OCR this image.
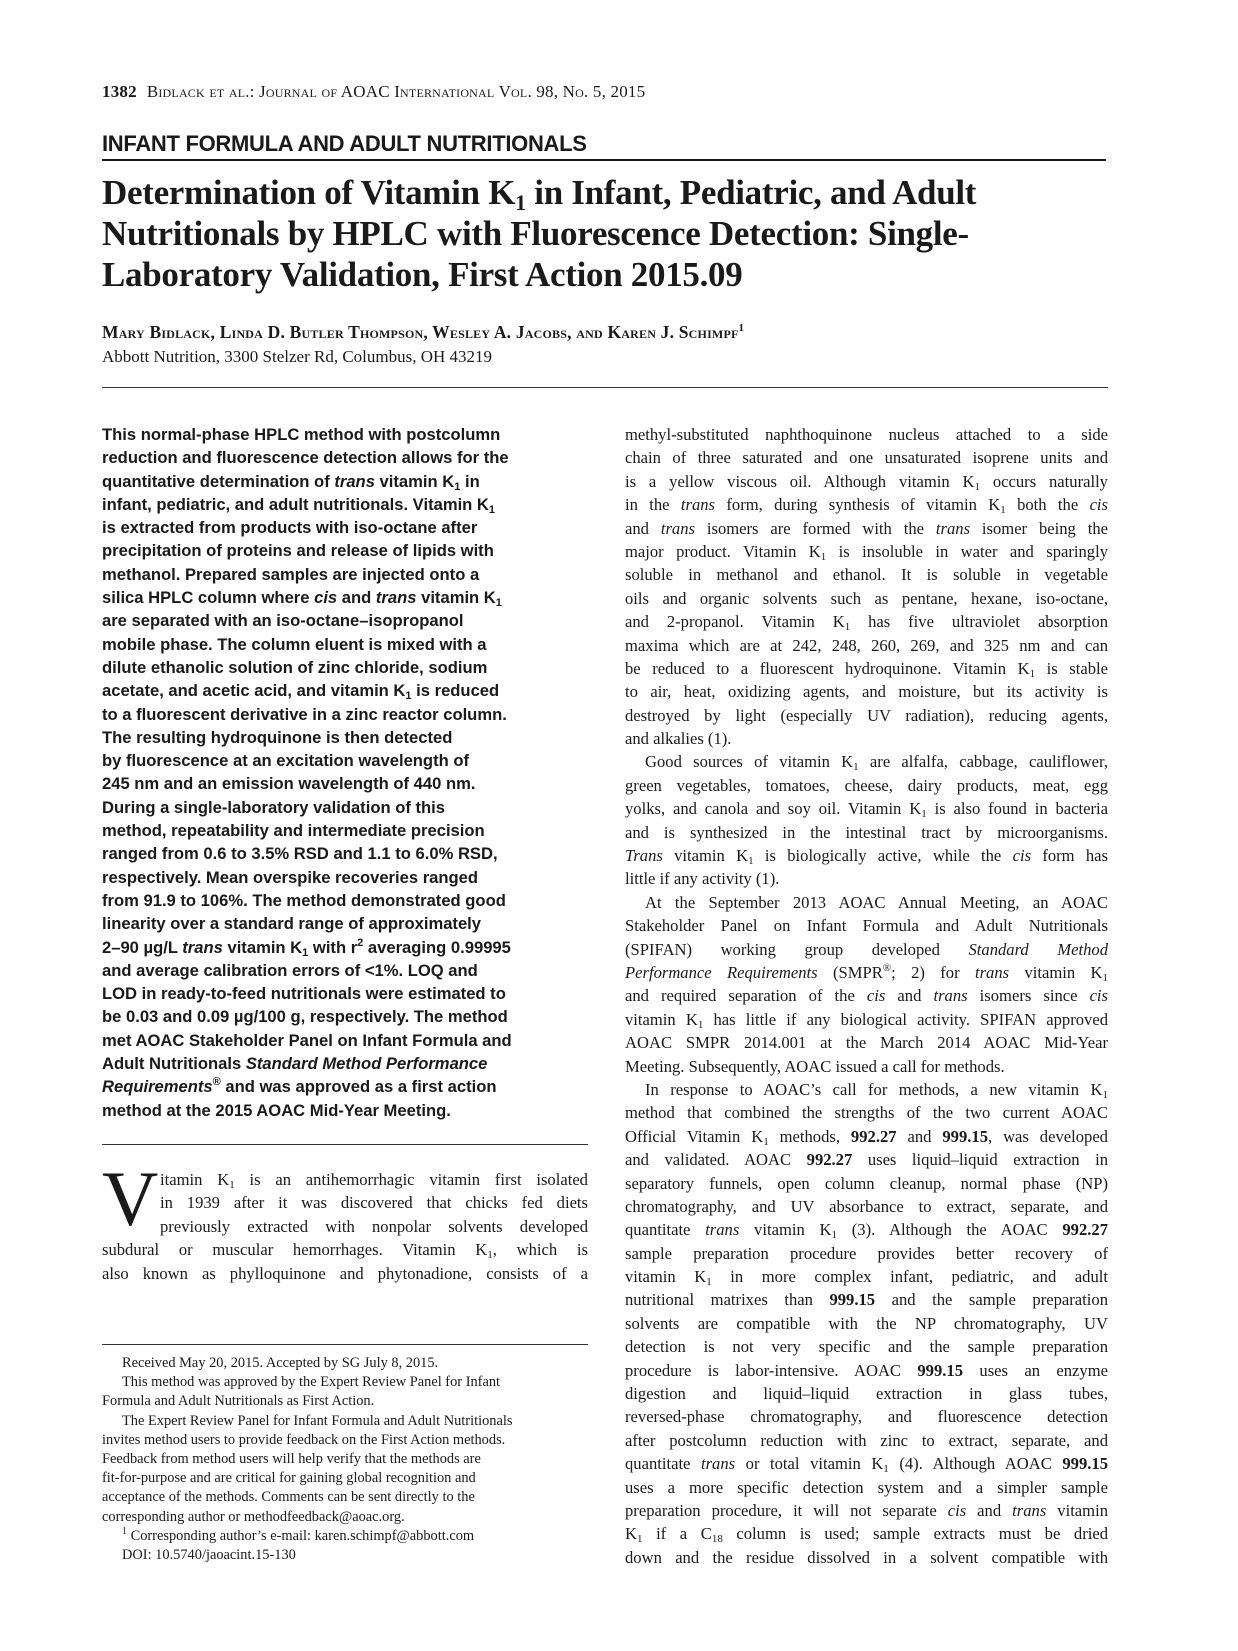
1382 Bidlack et al.: Journal of AOAC International Vol. 98, No. 5, 2015
INFANT FORMULA AND ADULT NUTRITIONALS
Determination of Vitamin $K_1$ in Infant, Pediatric, and Adult
Nutritionals by HPLC with Fluorescence Detection: Single-
Laboratory Validation, First Action 2015.09
Mary Bidlack, Linda D. Butler Thompson, Wesley A. Jacobs, and Karen J. Schimpf$^1$
Abbott Nutrition, 3300 Stelzer Rd, Columbus, OH 43219
This normal-phase HPLC method with postcolumn
reduction and fluorescence detection allows for the
quantitative determination of trans vitamin $K_1$ in
infant, pediatric, and adult nutritionals. Vitamin $K_1$
is extracted from products with iso-octane after
precipitation of proteins and release of lipids with
methanol. Prepared samples are injected onto a
silica HPLC column where cis and trans vitamin $K_1$
are separated with an iso-octane–isopropanol
mobile phase. The column eluent is mixed with a
dilute ethanolic solution of zinc chloride, sodium
acetate, and acetic acid, and vitamin $K_1$ is reduced
to a fluorescent derivative in a zinc reactor column.
The resulting hydroquinone is then detected
by fluorescence at an excitation wavelength of
245 nm and an emission wavelength of 440 nm.
During a single-laboratory validation of this
method, repeatability and intermediate precision
ranged from 0.6 to 3.5% RSD and 1.1 to 6.0% RSD,
respectively. Mean overspike recoveries ranged
from 91.9 to 106%. The method demonstrated good
linearity over a standard range of approximately
2–90 µg/L trans vitamin $K_1$ with $r^2$ averaging 0.99995
and average calibration errors of <1%. LOQ and
LOD in ready-to-feed nutritionals were estimated to
be 0.03 and 0.09 µg/100 g, respectively. The method
met AOAC Stakeholder Panel on Infant Formula and
Adult Nutritionals Standard Method Performance
Requirements® and was approved as a first action
method at the 2015 AOAC Mid-Year Meeting.
V itamin $K_1$ is an antihemorrhagic vitamin first isolated
in 1939 after it was discovered that chicks fed diets
previously extracted with nonpolar solvents developed
subdural or muscular hemorrhages. Vitamin $K_1$, which is
also known as phylloquinone and phytonadione, consists of a
Received May 20, 2015. Accepted by SG July 8, 2015.
This method was approved by the Expert Review Panel for Infant
Formula and Adult Nutritionals as First Action.
The Expert Review Panel for Infant Formula and Adult Nutritionals
invites method users to provide feedback on the First Action methods.
Feedback from method users will help verify that the methods are
fit-for-purpose and are critical for gaining global recognition and
acceptance of the methods. Comments can be sent directly to the
corresponding author or methodfeedback@aoac.org.
$^1$ Corresponding author’s e-mail: karen.schimpf@abbott.com
DOI: 10.5740/jaoacint.15-130
methyl-substituted naphthoquinone nucleus attached to a side
chain of three saturated and one unsaturated isoprene units and
is a yellow viscous oil. Although vitamin $K_1$ occurs naturally
in the trans form, during synthesis of vitamin $K_1$ both the cis
and trans isomers are formed with the trans isomer being the
major product. Vitamin $K_1$ is insoluble in water and sparingly
soluble in methanol and ethanol. It is soluble in vegetable
oils and organic solvents such as pentane, hexane, iso-octane,
and 2-propanol. Vitamin $K_1$ has five ultraviolet absorption
maxima which are at 242, 248, 260, 269, and 325 nm and can
be reduced to a fluorescent hydroquinone. Vitamin $K_1$ is stable
to air, heat, oxidizing agents, and moisture, but its activity is
destroyed by light (especially UV radiation), reducing agents,
and alkalies (1).
Good sources of vitamin $K_1$ are alfalfa, cabbage, cauliflower,
green vegetables, tomatoes, cheese, dairy products, meat, egg
yolks, and canola and soy oil. Vitamin $K_1$ is also found in bacteria
and is synthesized in the intestinal tract by microorganisms.
Trans vitamin $K_1$ is biologically active, while the cis form has
little if any activity (1).
At the September 2013 AOAC Annual Meeting, an AOAC
Stakeholder Panel on Infant Formula and Adult Nutritionals
(SPIFAN) working group developed Standard Method
Performance Requirements (SMPR®; 2) for trans vitamin $K_1$
and required separation of the cis and trans isomers since cis
vitamin $K_1$ has little if any biological activity. SPIFAN approved
AOAC SMPR 2014.001 at the March 2014 AOAC Mid-Year
Meeting. Subsequently, AOAC issued a call for methods.
In response to AOAC’s call for methods, a new vitamin $K_1$
method that combined the strengths of the two current AOAC
Official Vitamin $K_1$ methods, 992.27 and 999.15, was developed
and validated. AOAC 992.27 uses liquid–liquid extraction in
separatory funnels, open column cleanup, normal phase (NP)
chromatography, and UV absorbance to extract, separate, and
quantitate trans vitamin $K_1$ (3). Although the AOAC 992.27
sample preparation procedure provides better recovery of
vitamin $K_1$ in more complex infant, pediatric, and adult
nutritional matrixes than 999.15 and the sample preparation
solvents are compatible with the NP chromatography, UV
detection is not very specific and the sample preparation
procedure is labor-intensive. AOAC 999.15 uses an enzyme
digestion and liquid–liquid extraction in glass tubes,
reversed-phase chromatography, and fluorescence detection
after postcolumn reduction with zinc to extract, separate, and
quantitate trans or total vitamin $K_1$ (4). Although AOAC 999.15
uses a more specific detection system and a simpler sample
preparation procedure, it will not separate cis and trans vitamin
$K_1$ if a $C_{18}$ column is used; sample extracts must be dried
down and the residue dissolved in a solvent compatible with
